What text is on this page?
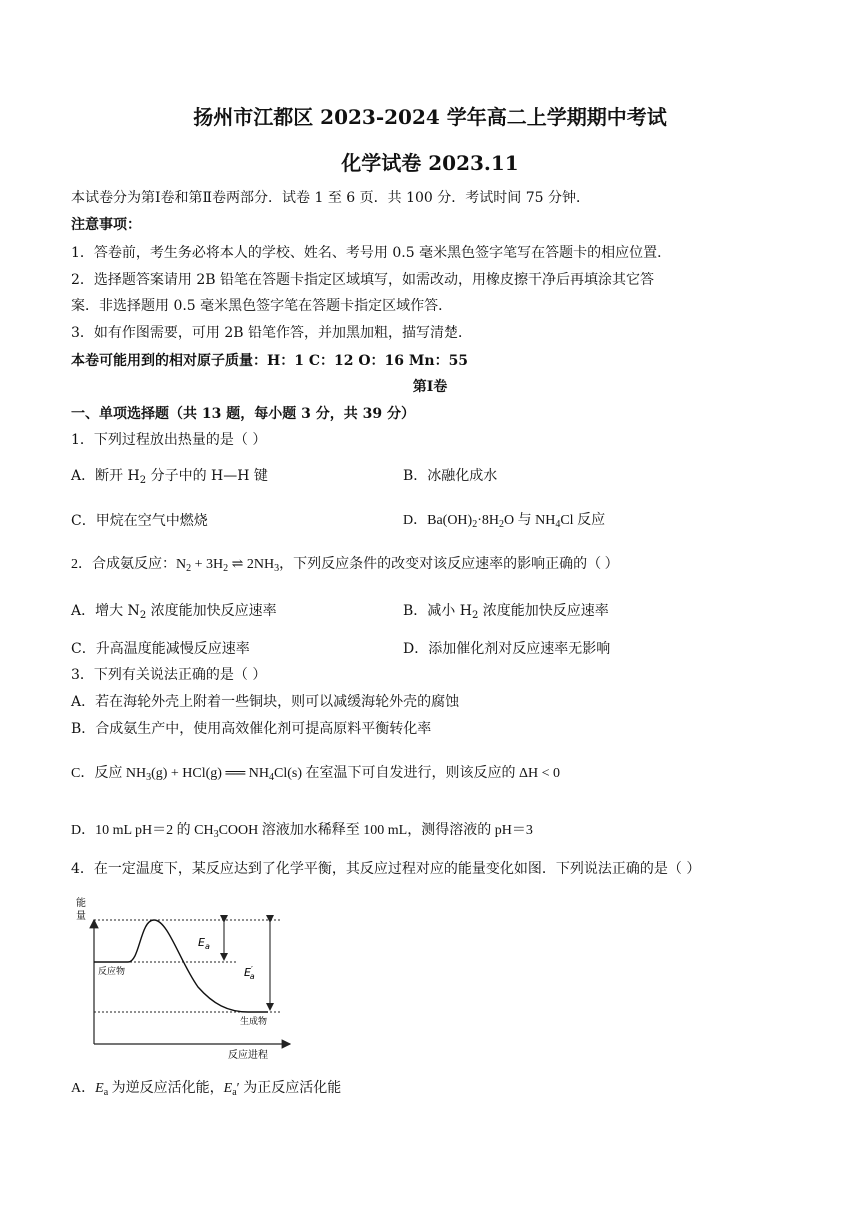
扬州市江都区 2023-2024 学年高二上学期期中考试
化学试卷 2023.11
本试卷分为第Ⅰ卷和第Ⅱ卷两部分．试卷 1 至 6 页．共 100 分．考试时间 75 分钟．
注意事项：
1．答卷前，考生务必将本人的学校、姓名、考号用 0.5 毫米黑色签字笔写在答题卡的相应位置．
2．选择题答案请用 2B 铅笔在答题卡指定区域填写，如需改动，用橡皮擦干净后再填涂其它答
案．非选择题用 0.5 毫米黑色签字笔在答题卡指定区域作答．
3．如有作图需要，可用 2B 铅笔作答，并加黑加粗，描写清楚．
本卷可能用到的相对原子质量：H：1 C：12 O：16 Mn：55
第Ⅰ卷
一、单项选择题（共 13 题，每小题 3 分，共 39 分）
1．下列过程放出热量的是（ ）
A．断开 $H_2$ 分子中的 H—H 键	B．冰融化成水
C．甲烷在空气中燃烧	D．$Ba(OH)_2\cdot 8H_2O$ 与 $NH_4Cl$ 反应
2．合成氨反应：$N_2 + 3H_2$ ⇌ $2NH_3$，下列反应条件的改变对该反应速率的影响正确的（ ）
A．增大 $N_2$ 浓度能加快反应速率	B．减小 $H_2$ 浓度能加快反应速率
C．升高温度能减慢反应速率	D．添加催化剂对反应速率无影响
3．下列有关说法正确的是（ ）
A．若在海轮外壳上附着一些铜块，则可以减缓海轮外壳的腐蚀
B．合成氨生产中，使用高效催化剂可提高原料平衡转化率
C．反应 $NH_3(g) + HCl(g)$ ══ $NH_4Cl(s)$ 在室温下可自发进行，则该反应的 ΔH < 0
D．10 mL pH＝2 的 $CH_3COOH$ 溶液加水稀释至 100 mL，测得溶液的 pH＝3
4．在一定温度下，某反应达到了化学平衡，其反应过程对应的能量变化如图．下列说法正确的是（ ）
能
量
反应进程
反应物
生成物
$E_a$
E′ a
A．$E_a$ 为逆反应活化能，$E_a'$ 为正反应活化能
